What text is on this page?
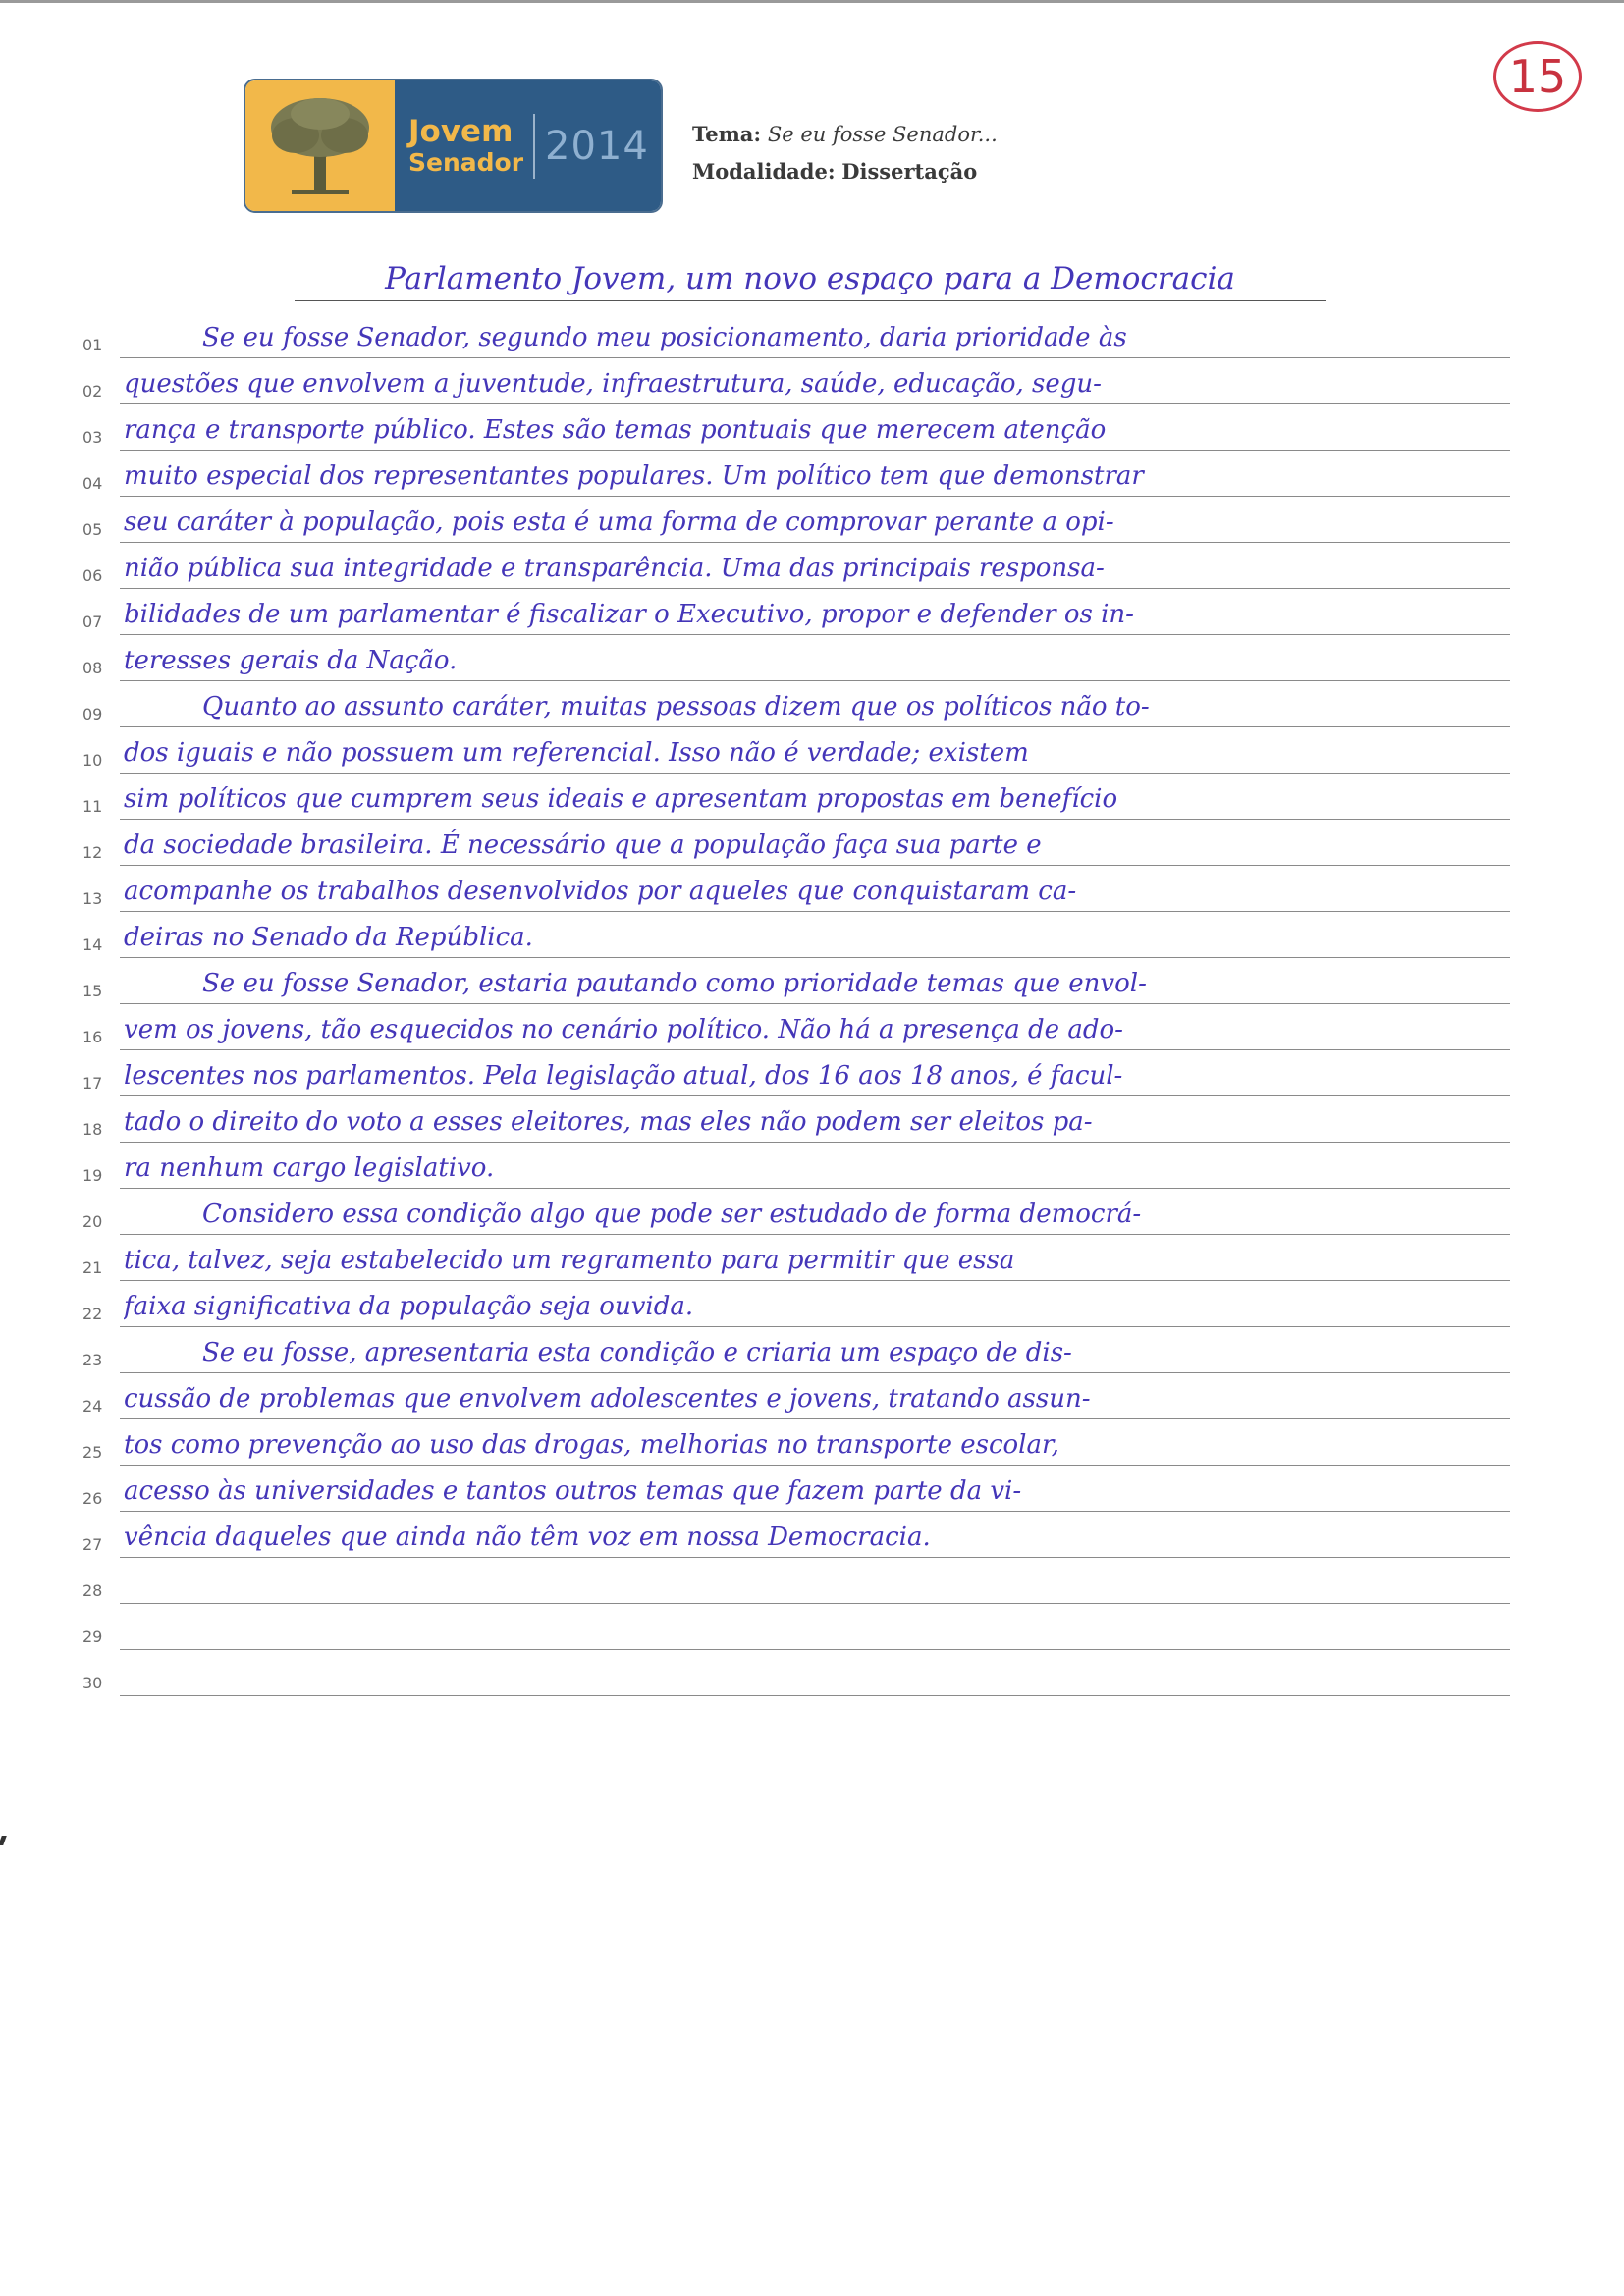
15
Jovem
Senador 2014 Tema: Se eu fosse Senador...
Modalidade: Dissertação
Parlamento Jovem, um novo espaço para a Democracia
01	Se eu fosse Senador, segundo meu posicionamento, daria prioridade às
02 questões que envolvem a juventude, infraestrutura, saúde, educação, segu-
03 rança e transporte público. Estes são temas pontuais que merecem atenção
04 muito especial dos representantes populares. Um político tem que demonstrar
05 seu caráter à população, pois esta é uma forma de comprovar perante a opi-
06 nião pública sua integridade e transparência. Uma das principais responsa-
07 bilidades de um parlamentar é fiscalizar o Executivo, propor e defender os in-
08 teresses gerais da Nação.
09	Quanto ao assunto caráter, muitas pessoas dizem que os políticos não to-
10 dos iguais e não possuem um referencial. Isso não é verdade; existem
11 sim políticos que cumprem seus ideais e apresentam propostas em benefício
12 da sociedade brasileira. É necessário que a população faça sua parte e
13 acompanhe os trabalhos desenvolvidos por aqueles que conquistaram ca-
14 deiras no Senado da República.
15	Se eu fosse Senador, estaria pautando como prioridade temas que envol-
16 vem os jovens, tão esquecidos no cenário político. Não há a presença de ado-
17 lescentes nos parlamentos. Pela legislação atual, dos 16 aos 18 anos, é facul-
18 tado o direito do voto a esses eleitores, mas eles não podem ser eleitos pa-
19 ra nenhum cargo legislativo.
20	Considero essa condição algo que pode ser estudado de forma democrá-
21 tica, talvez, seja estabelecido um regramento para permitir que essa
22 faixa significativa da população seja ouvida.
23	Se eu fosse, apresentaria esta condição e criaria um espaço de dis-
24 cussão de problemas que envolvem adolescentes e jovens, tratando assun-
25 tos como prevenção ao uso das drogas, melhorias no transporte escolar,
26 acesso às universidades e tantos outros temas que fazem parte da vi-
27 vência daqueles que ainda não têm voz em nossa Democracia.
28
29
30
